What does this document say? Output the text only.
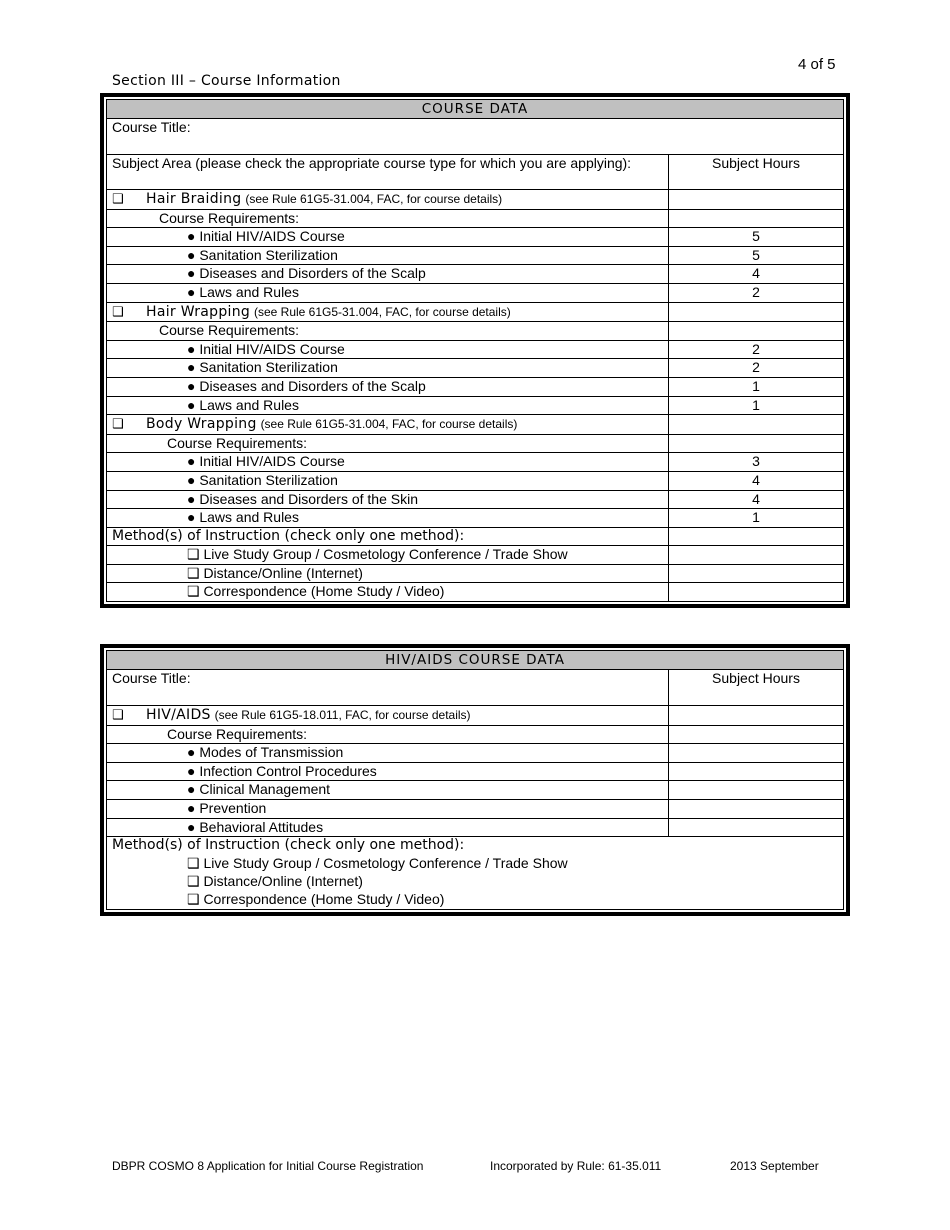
4 of 5
Section III – Course Information
COURSE DATA	
Course Title:	
Subject Area (please check the appropriate course type for which you are applying):	Subject Hours
❑ Hair Braiding (see Rule 61G5-31.004, FAC, for course details)	
Course Requirements:	
● Initial HIV/AIDS Course	5
● Sanitation Sterilization	5
● Diseases and Disorders of the Scalp	4
● Laws and Rules	2
❑ Hair Wrapping (see Rule 61G5-31.004, FAC, for course details)	
Course Requirements:	
● Initial HIV/AIDS Course	2
● Sanitation Sterilization	2
● Diseases and Disorders of the Scalp	1
● Laws and Rules	1
❑ Body Wrapping (see Rule 61G5-31.004, FAC, for course details)	
Course Requirements:	
● Initial HIV/AIDS Course	3
● Sanitation Sterilization	4
● Diseases and Disorders of the Skin	4
● Laws and Rules	1
Method(s) of Instruction (check only one method):	
❑ Live Study Group / Cosmetology Conference / Trade Show	
❑ Distance/Online (Internet)	
❑ Correspondence (Home Study / Video)	
HIV/AIDS COURSE DATA	
Course Title:	Subject Hours
❑ HIV/AIDS (see Rule 61G5-18.011, FAC, for course details)	
Course Requirements:	
● Modes of Transmission	
● Infection Control Procedures	
● Clinical Management	
● Prevention	
● Behavioral Attitudes	

Method(s) of Instruction (check only one method):
❑ Live Study Group / Cosmetology Conference / Trade Show
❑ Distance/Online (Internet)
❑ Correspondence (Home Study / Video)	
DBPR COSMO 8 Application for Initial Course Registration	Incorporated by Rule: 61-35.011	2013 September
